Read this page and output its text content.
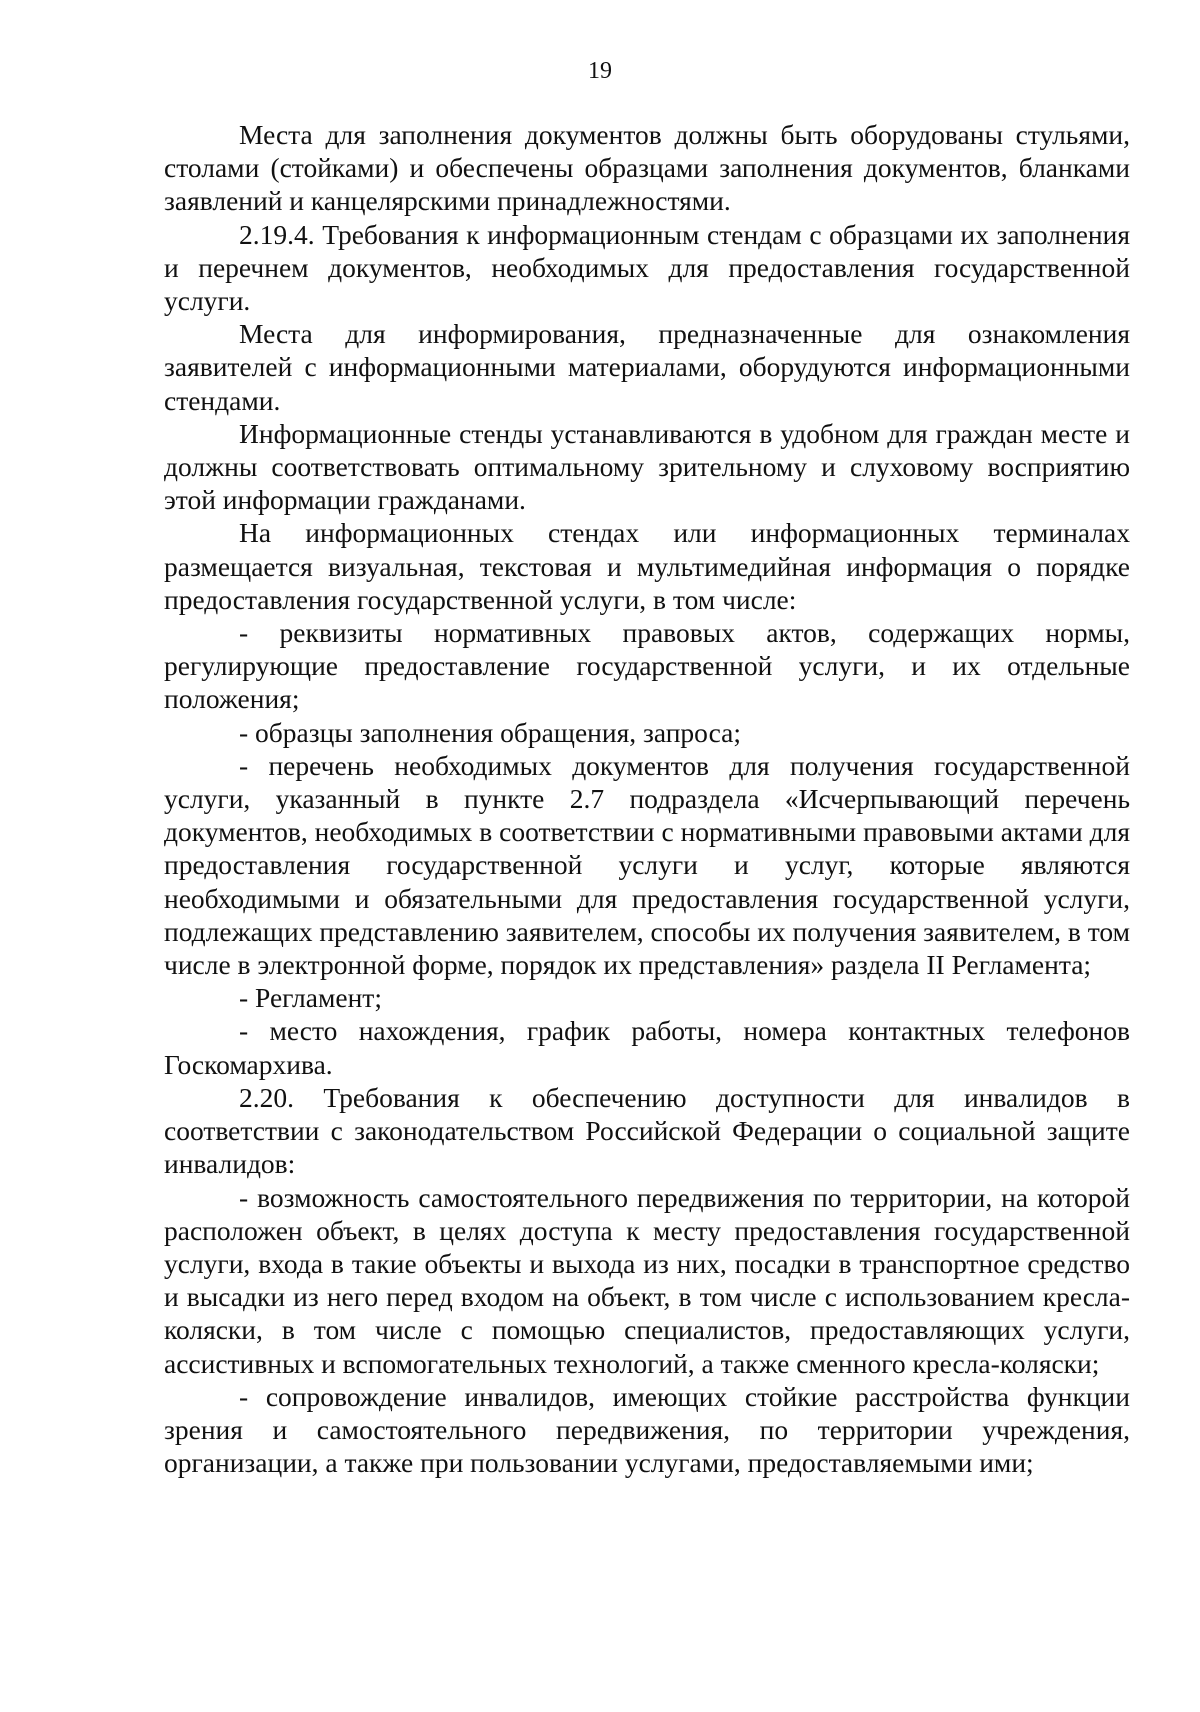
19

Места для заполнения документов должны быть оборудованы стульями, столами (стойками) и обеспечены образцами заполнения документов, бланками заявлений и канцелярскими принадлежностями.

2.19.4. Требования к информационным стендам с образцами их заполнения и перечнем документов, необходимых для предоставления государственной услуги.

Места для информирования, предназначенные для ознакомления заявителей с информационными материалами, оборудуются информационными стендами.

Информационные стенды устанавливаются в удобном для граждан месте и должны соответствовать оптимальному зрительному и слуховому восприятию этой информации гражданами.

На информационных стендах или информационных терминалах размещается визуальная, текстовая и мультимедийная информация о порядке предоставления государственной услуги, в том числе:

- реквизиты нормативных правовых актов, содержащих нормы, регулирующие предоставление государственной услуги, и их отдельные положения;

- образцы заполнения обращения, запроса;

- перечень необходимых документов для получения государственной услуги, указанный в пункте 2.7 подраздела «Исчерпывающий перечень документов, необходимых в соответствии с нормативными правовыми актами для предоставления государственной услуги и услуг, которые являются необходимыми и обязательными для предоставления государственной услуги, подлежащих представлению заявителем, способы их получения заявителем, в том числе в электронной форме, порядок их представления» раздела II Регламента;

- Регламент;

- место нахождения, график работы, номера контактных телефонов Госкомархива.

2.20. Требования к обеспечению доступности для инвалидов в соответствии с законодательством Российской Федерации о социальной защите инвалидов:

- возможность самостоятельного передвижения по территории, на которой расположен объект, в целях доступа к месту предоставления государственной услуги, входа в такие объекты и выхода из них, посадки в транспортное средство и высадки из него перед входом на объект, в том числе с использованием кресла-коляски, в том числе с помощью специалистов, предоставляющих услуги, ассистивных и вспомогательных технологий, а также сменного кресла-коляски;

- сопровождение инвалидов, имеющих стойкие расстройства функции зрения и самостоятельного передвижения, по территории учреждения, организации, а также при пользовании услугами, предоставляемыми ими;
